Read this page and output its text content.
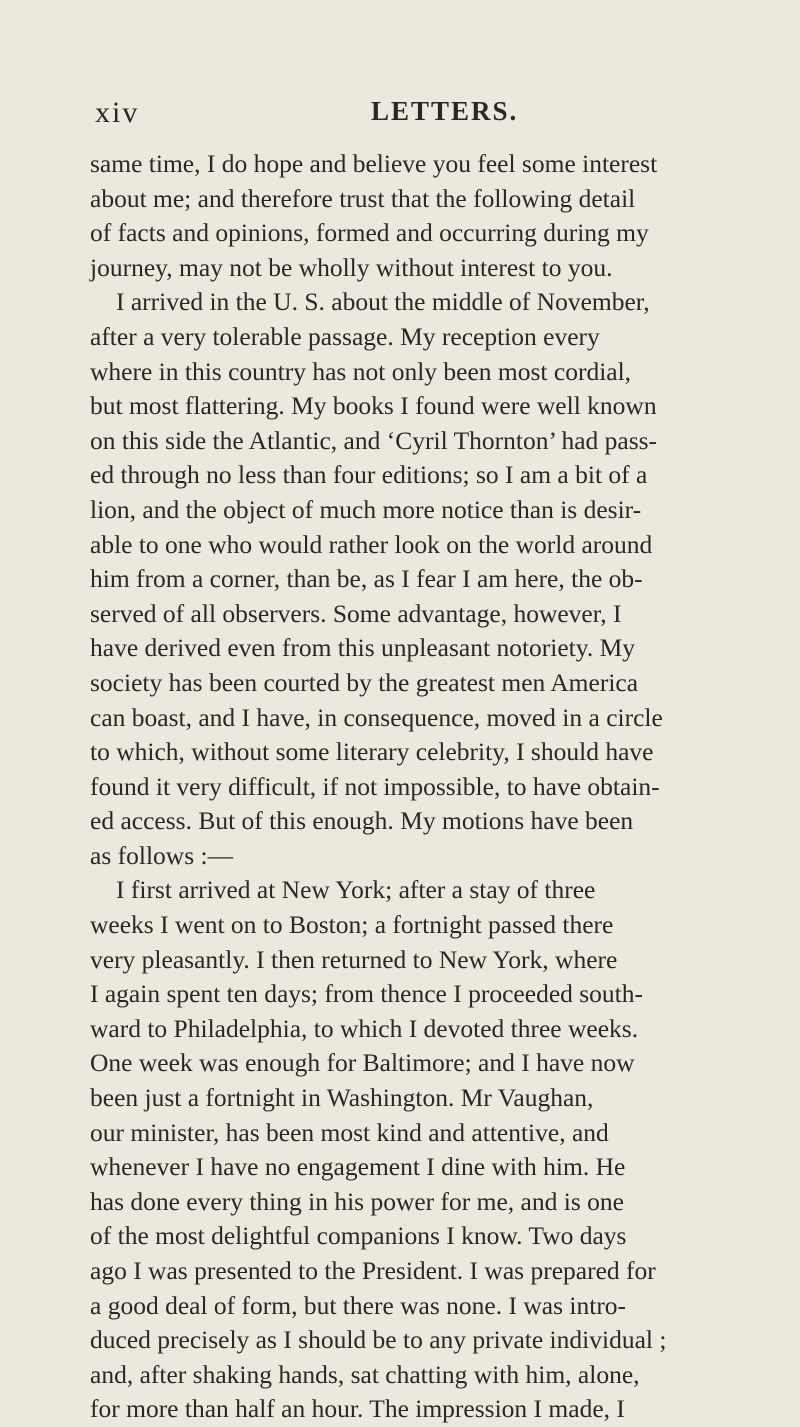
xiv	LETTERS.
same time, I do hope and believe you feel some interest
about me; and therefore trust that the following detail
of facts and opinions, formed and occurring during my
journey, may not be wholly without interest to you.
I arrived in the U. S. about the middle of November,
after a very tolerable passage. My reception every
where in this country has not only been most cordial,
but most flattering. My books I found were well known
on this side the Atlantic, and ‘Cyril Thornton’ had pass-
ed through no less than four editions; so I am a bit of a
lion, and the object of much more notice than is desir-
able to one who would rather look on the world around
him from a corner, than be, as I fear I am here, the ob-
served of all observers. Some advantage, however, I
have derived even from this unpleasant notoriety. My
society has been courted by the greatest men America
can boast, and I have, in consequence, moved in a circle
to which, without some literary celebrity, I should have
found it very difficult, if not impossible, to have obtain-
ed access. But of this enough. My motions have been
as follows :—
I first arrived at New York; after a stay of three
weeks I went on to Boston; a fortnight passed there
very pleasantly. I then returned to New York, where
I again spent ten days; from thence I proceeded south-
ward to Philadelphia, to which I devoted three weeks.
One week was enough for Baltimore; and I have now
been just a fortnight in Washington. Mr Vaughan,
our minister, has been most kind and attentive, and
whenever I have no engagement I dine with him. He
has done every thing in his power for me, and is one
of the most delightful companions I know. Two days
ago I was presented to the President. I was prepared for
a good deal of form, but there was none. I was intro-
duced precisely as I should be to any private individual ;
and, after shaking hands, sat chatting with him, alone,
for more than half an hour. The impression I made, I
